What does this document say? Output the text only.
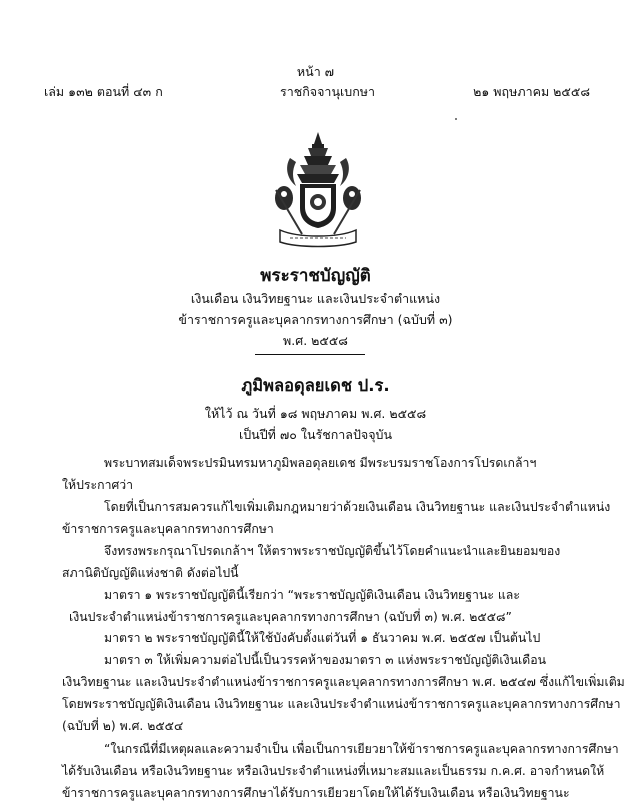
หน้า ๗
เล่ม ๑๓๒ ตอนที่ ๔๓ ก	ราชกิจจานุเบกษา	๒๑ พฤษภาคม ๒๕๕๘
พระราชบัญญัติ
เงินเดือน เงินวิทยฐานะ และเงินประจำตำแหน่ง
ข้าราชการครูและบุคลากรทางการศึกษา (ฉบับที่ ๓)
พ.ศ. ๒๕๕๘
ภูมิพลอดุลยเดช ป.ร.
ให้ไว้ ณ วันที่ ๑๘ พฤษภาคม พ.ศ. ๒๕๕๘
เป็นปีที่ ๗๐ ในรัชกาลปัจจุบัน
พระบาทสมเด็จพระปรมินทรมหาภูมิพลอดุลยเดช มีพระบรมราชโองการโปรดเกล้าฯ
ให้ประกาศว่า
โดยที่เป็นการสมควรแก้ไขเพิ่มเติมกฎหมายว่าด้วยเงินเดือน เงินวิทยฐานะ และเงินประจำตำแหน่ง
ข้าราชการครูและบุคลากรทางการศึกษา
จึงทรงพระกรุณาโปรดเกล้าฯ ให้ตราพระราชบัญญัติขึ้นไว้โดยคำแนะนำและยินยอมของ
สภานิติบัญญัติแห่งชาติ ดังต่อไปนี้
มาตรา ๑ พระราชบัญญัตินี้เรียกว่า “พระราชบัญญัติเงินเดือน เงินวิทยฐานะ และ
เงินประจำตำแหน่งข้าราชการครูและบุคลากรทางการศึกษา (ฉบับที่ ๓) พ.ศ. ๒๕๕๘”
มาตรา ๒ พระราชบัญญัตินี้ให้ใช้บังคับตั้งแต่วันที่ ๑ ธันวาคม พ.ศ. ๒๕๕๗ เป็นต้นไป
มาตรา ๓ ให้เพิ่มความต่อไปนี้เป็นวรรคห้าของมาตรา ๓ แห่งพระราชบัญญัติเงินเดือน
เงินวิทยฐานะ และเงินประจำตำแหน่งข้าราชการครูและบุคลากรทางการศึกษา พ.ศ. ๒๕๔๗ ซึ่งแก้ไขเพิ่มเติม
โดยพระราชบัญญัติเงินเดือน เงินวิทยฐานะ และเงินประจำตำแหน่งข้าราชการครูและบุคลากรทางการศึกษา
(ฉบับที่ ๒) พ.ศ. ๒๕๕๔
“ในกรณีที่มีเหตุผลและความจำเป็น เพื่อเป็นการเยียวยาให้ข้าราชการครูและบุคลากรทางการศึกษา
ได้รับเงินเดือน หรือเงินวิทยฐานะ หรือเงินประจำตำแหน่งที่เหมาะสมและเป็นธรรม ก.ค.ศ. อาจกำหนดให้
ข้าราชการครูและบุคลากรทางการศึกษาได้รับการเยียวยาโดยให้ได้รับเงินเดือน หรือเงินวิทยฐานะ
